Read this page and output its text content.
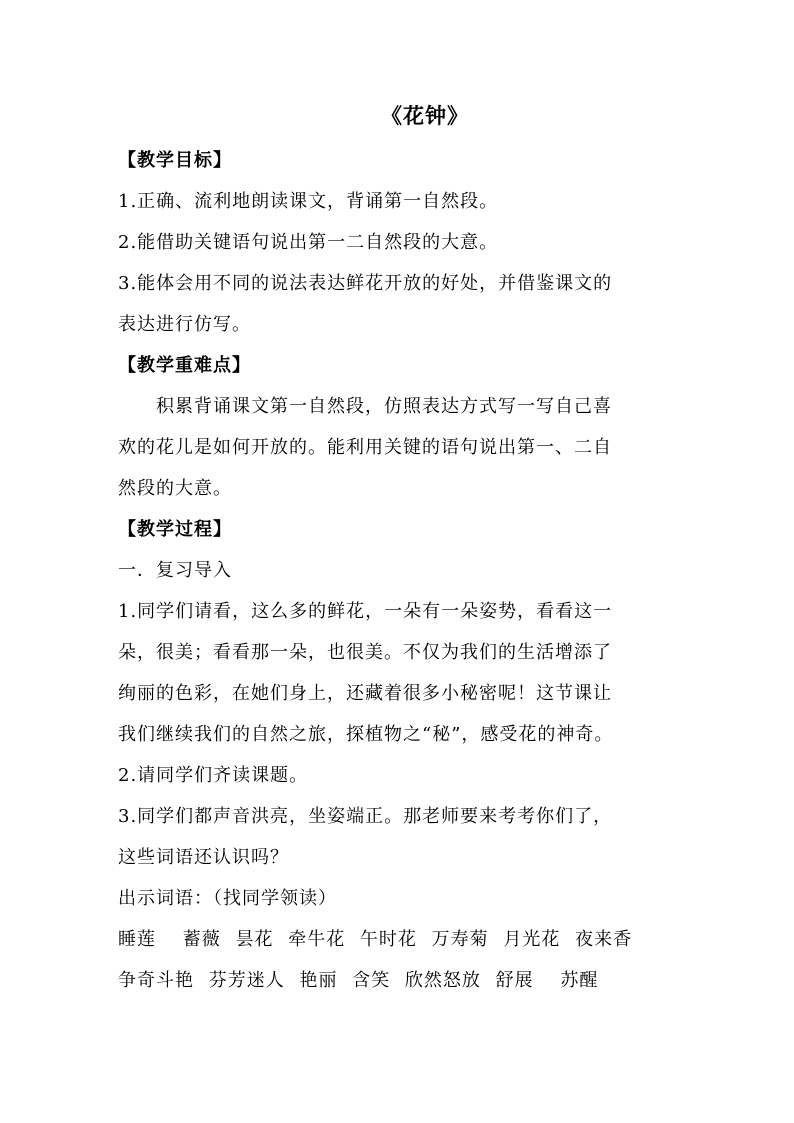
《花钟》
【教学目标】
1.正确、流利地朗读课文，背诵第一自然段。
2.能借助关键语句说出第一二自然段的大意。
3.能体会用不同的说法表达鲜花开放的好处，并借鉴课文的
表达进行仿写。
【教学重难点】
积累背诵课文第一自然段，仿照表达方式写一写自己喜
欢的花儿是如何开放的。能利用关键的语句说出第一、二自
然段的大意。
【教学过程】
一．复习导入
1.同学们请看，这么多的鲜花，一朵有一朵姿势，看看这一
朵，很美；看看那一朵，也很美。不仅为我们的生活增添了
绚丽的色彩，在她们身上，还藏着很多小秘密呢！这节课让
我们继续我们的自然之旅，探植物之“秘”，感受花的神奇。
2.请同学们齐读课题。
3.同学们都声音洪亮，坐姿端正。那老师要来考考你们了，
这些词语还认识吗？
出示词语：（找同学领读）
睡莲 蓄薇 昙花 牵牛花 午时花 万寿菊 月光花 夜来香
争奇斗艳 芬芳迷人 艳丽 含笑 欣然怒放 舒展 苏醒
